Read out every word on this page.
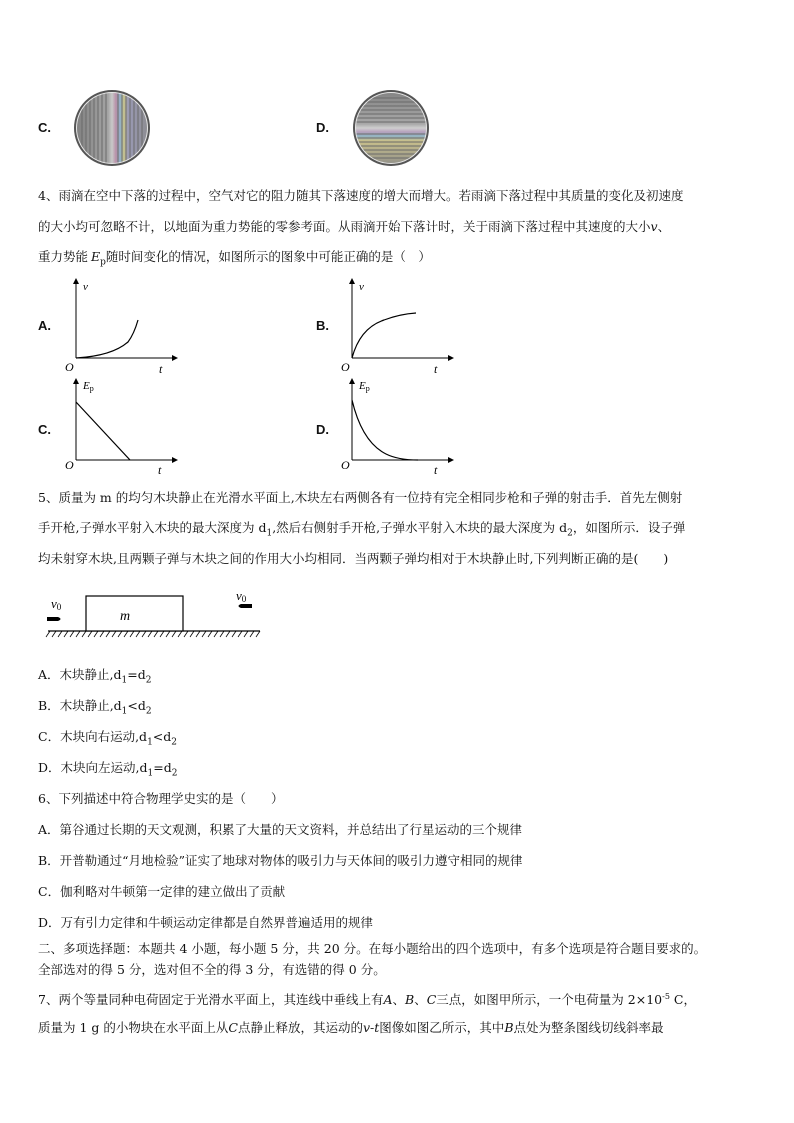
C.	D.
4、雨滴在空中下落的过程中，空气对它的阻力随其下落速度的增大而增大。若雨滴下落过程中其质量的变化及初速度
的大小均可忽略不计，以地面为重力势能的零参考面。从雨滴开始下落计时，关于雨滴下落过程中其速度的大小v、
重力势能 $E_p$随时间变化的情况，如图所示的图象中可能正确的是（　）
A.
O	t
v
B.
O	t
v
C.
O	t
Ep
D.
O	t
Ep
5、质量为 m 的均匀木块静止在光滑水平面上,木块左右两侧各有一位持有完全相同步枪和子弹的射击手．首先左侧射
手开枪,子弹水平射入木块的最大深度为 $d_1$,然后右侧射手开枪,子弹水平射入木块的最大深度为 $d_2$，如图所示．设子弹
均未射穿木块,且两颗子弹与木块之间的作用大小均相同．当两颗子弹均相对于木块静止时,下列判断正确的是(　　)
m
v0
v0
A．木块静止$,d_1=d_2$
B．木块静止$,d_1<d_2$
C．木块向右运动$,d_1<d_2$
D．木块向左运动$,d_1=d_2$
6、下列描述中符合物理学史实的是（　　）
A．第谷通过长期的天文观测，积累了大量的天文资料，并总结出了行星运动的三个规律
B．开普勒通过“月地检验”证实了地球对物体的吸引力与天体间的吸引力遵守相同的规律
C．伽利略对牛顿第一定律的建立做出了贡献
D．万有引力定律和牛顿运动定律都是自然界普遍适用的规律
二、多项选择题：本题共 4 小题，每小题 5 分，共 20 分。在每小题给出的四个选项中，有多个选项是符合题目要求的。
全部选对的得 5 分，选对但不全的得 3 分，有选错的得 0 分。
7、两个等量同种电荷固定于光滑水平面上，其连线中垂线上有A、B、C三点，如图甲所示，一个电荷量为 $2\times 10^{-5}$ C，
质量为 1 g 的小物块在水平面上从C点静止释放，其运动的v-t图像如图乙所示，其中B点处为整条图线切线斜率最
